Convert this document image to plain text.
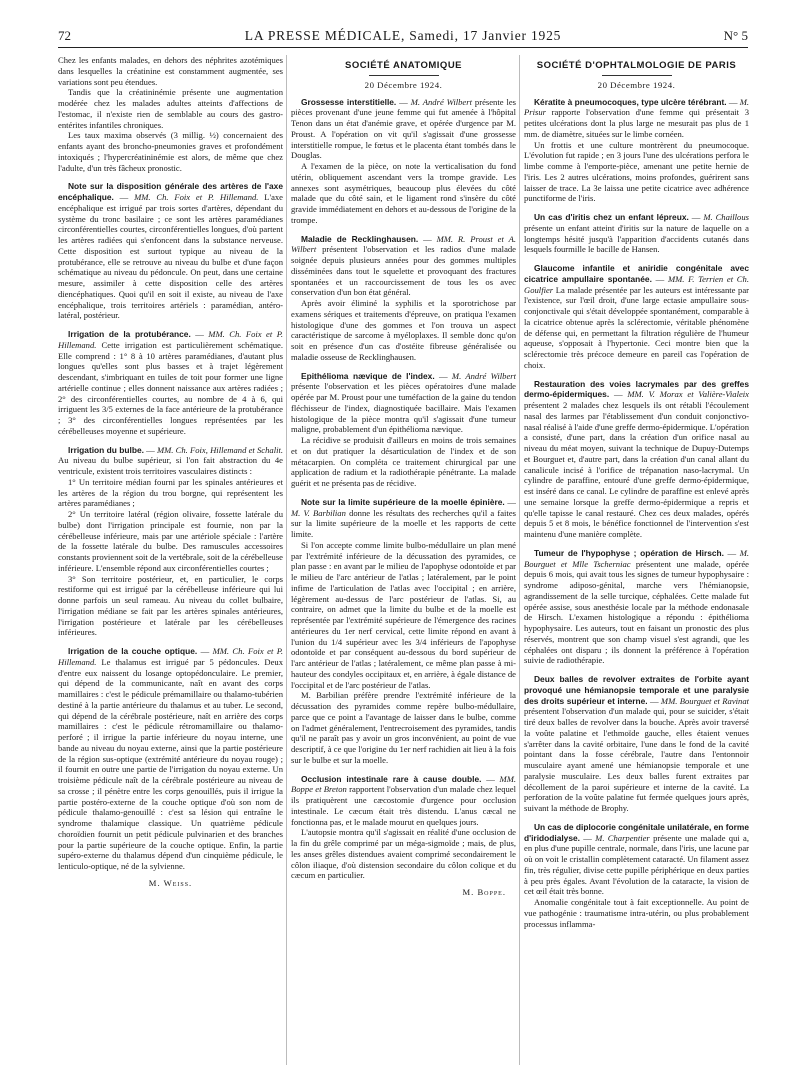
72	LA PRESSE MÉDICALE, Samedi, 17 Janvier 1925	N° 5

Chez les enfants malades, en dehors des néphrites azotémiques dans lesquelles la créatinine est constamment augmentée, ses variations sont peu étendues.

Tandis que la créatininémie présente une augmentation modérée chez les malades adultes atteints d'affections de l'estomac, il n'existe rien de semblable au cours des gastro-entérites infantiles chroniques.

Les taux maxima observés (3 millig. ½) concernaient des enfants ayant des broncho-pneumonies graves et profondément intoxiqués ; l'hypercréatininémie est alors, de même que chez l'adulte, d'un très fâcheux pronostic.

Note sur la disposition générale des artères de l'axe encéphalique. — MM. Ch. Foix et P. Hillemand. L'axe encéphalique est irrigué par trois sortes d'artères, dépendant du système du tronc basilaire ; ce sont les artères paramédianes circonférentielles courtes, circonférentielles longues, d'où partent les artères radiées qui s'enfoncent dans la substance nerveuse. Cette disposition est surtout typique au niveau de la protubérance, elle se retrouve au niveau du bulbe et d'une façon schématique au niveau du pédoncule. On peut, dans une certaine mesure, assimiler à cette disposition celle des artères diencéphatiques. Quoi qu'il en soit il existe, au niveau de l'axe encéphalique, trois territoires artériels : paramédian, antéro-latéral, postérieur.

Irrigation de la protubérance. — MM. Ch. Foix et P. Hillemand. Cette irrigation est particulièrement schématique. Elle comprend : 1° 8 à 10 artères paramédianes, d'autant plus longues qu'elles sont plus basses et à trajet légèrement descendant, s'imbriquant en tuiles de toit pour former une ligne artérielle continue ; elles donnent naissance aux artères radiées ; 2° des circonférentielles courtes, au nombre de 4 à 6, qui irriguent les 3/5 externes de la face antérieure de la protubérance ; 3° des circonférentielles longues représentées par les cérébelleuses moyenne et supérieure.

Irrigation du bulbe. — MM. Ch. Foix, Hillemand et Schalit. Au niveau du bulbe supérieur, si l'on fait abstraction du 4e ventricule, existent trois territoires vasculaires distincts :

1° Un territoire médian fourni par les spinales antérieures et les artères de la région du trou borgne, qui représentent les artères paramédianes ;

2° Un territoire latéral (région olivaire, fossette latérale du bulbe) dont l'irrigation principale est fournie, non par la cérébelleuse inférieure, mais par une artériole spéciale : l'artère de la fossette latérale du bulbe. Des ramuscules accessoires constants proviennent soit de la vertébrale, soit de la cérébelleuse inférieure. L'ensemble répond aux circonférentielles courtes ;

3° Son territoire postérieur, et, en particulier, le corps restiforme qui est irrigué par la cérébelleuse inférieure qui lui donne parfois un seul rameau. Au niveau du collet bulbaire, l'irrigation médiane se fait par les artères spinales antérieures, l'irrigation postérieure et latérale par les cérébelleuses inférieures.

Irrigation de la couche optique. — MM. Ch. Foix et P. Hillemand. Le thalamus est irrigué par 5 pédoncules. Deux d'entre eux naissent du losange optopédonculaire. Le premier, qui dépend de la communicante, naît en avant des corps mamillaires : c'est le pédicule prémamillaire ou thalamo-tubérien destiné à la partie antérieure du thalamus et au tuber. Le second, qui dépend de la cérébrale postérieure, naît en arrière des corps mamillaires : c'est le pédicule rétromamillaire ou thalamo-perforé ; il irrigue la partie inférieure du noyau interne, une bande au niveau du noyau externe, ainsi que la partie postérieure de la région sus-optique (extrémité antérieure du noyau rouge) ; il fournit en outre une partie de l'irrigation du noyau externe. Un troisième pédicule naît de la cérébrale postérieure au niveau de sa crosse ; il pénètre entre les corps genouillés, puis il irrigue la partie postéro-externe de la couche optique d'où son nom de pédicule thalamo-genouillé : c'est sa lésion qui entraîne le syndrome thalamique classique. Un quatrième pédicule choroïdien fournit un petit pédicule pulvinarien et des branches pour la partie supérieure de la couche optique. Enfin, la partie supéro-externe du thalamus dépend d'un cinquième pédicule, le lenticulo-optique, né de la sylvienne.

M. Weiss.
SOCIÉTÉ ANATOMIQUE
20 Décembre 1924.

Grossesse interstitielle. — M. André Wilbert présente les pièces provenant d'une jeune femme qui fut amenée à l'hôpital Tenon dans un état d'anémie grave, et opérée d'urgence par M. Proust. A l'opération on vit qu'il s'agissait d'une grossesse interstitielle rompue, le fœtus et le placenta étant tombés dans le Douglas.

A l'examen de la pièce, on note la verticalisation du fond utérin, obliquement ascendant vers la trompe gravide. Les annexes sont asymétriques, beaucoup plus élevées du côté malade que du côté sain, et le ligament rond s'insère du côté gravide immédiatement en dehors et au-dessous de l'origine de la trompe.

Maladie de Recklinghausen. — MM. R. Proust et A. Wilbert présentent l'observation et les radios d'une malade soignée depuis plusieurs années pour des gommes multiples disséminées dans tout le squelette et provoquant des fractures spontanées et un raccourcissement de tous les os avec conservation d'un bon état général.

Après avoir éliminé la syphilis et la sporotrichose par examens sériques et traitements d'épreuve, on pratiqua l'examen histologique d'une des gommes et l'on trouva un aspect caractéristique de sarcome à myéloplaxes. Il semble donc qu'on soit en présence d'un cas d'ostéite fibreuse généralisée ou maladie osseuse de Recklinghausen.

Epithélioma nævique de l'index. — M. André Wilbert présente l'observation et les pièces opératoires d'une malade opérée par M. Proust pour une tuméfaction de la gaine du tendon fléchisseur de l'index, diagnostiquée bacillaire. Mais l'examen histologique de la pièce montra qu'il s'agissait d'une tumeur maligne, probablement d'un épithélioma nævique.

La récidive se produisit d'ailleurs en moins de trois semaines et on dut pratiquer la désarticulation de l'index et de son métacarpien. On compléta ce traitement chirurgical par une application de radium et la radiothérapie pénétrante. La malade guérit et ne présenta pas de récidive.

Note sur la limite supérieure de la moelle épinière. — M. V. Barbilian donne les résultats des recherches qu'il a faites sur la limite supérieure de la moelle et les rapports de cette limite.

Si l'on accepte comme limite bulbo-médullaire un plan mené par l'extrémité inférieure de la décussation des pyramides, ce plan passe : en avant par le milieu de l'apophyse odontoïde et par le milieu de l'arc antérieur de l'atlas ; latéralement, par le point infime de l'articulation de l'atlas avec l'occipital ; en arrière, légèrement au-dessus de l'arc postérieur de l'atlas. Si, au contraire, on admet que la limite du bulbe et de la moelle est représentée par l'extrémité supérieure de l'émergence des racines antérieures du 1er nerf cervical, cette limite répond en avant à l'union du 1/4 supérieur avec les 3/4 inférieurs de l'apophyse odontoïde et par conséquent au-dessous du bord supérieur de l'arc antérieur de l'atlas ; latéralement, ce même plan passe à mi-hauteur des condyles occipitaux et, en arrière, à égale distance de l'occipital et de l'arc postérieur de l'atlas.

M. Barbilian préfère prendre l'extrémité inférieure de la décussation des pyramides comme repère bulbo-médullaire, parce que ce point a l'avantage de laisser dans le bulbe, comme on l'admet généralement, l'entrecroisement des pyramides, tandis qu'il ne paraît pas y avoir un gros inconvénient, au point de vue descriptif, à ce que l'origine du 1er nerf rachidien ait lieu à la fois sur le bulbe et sur la moelle.

Occlusion intestinale rare à cause double. — MM. Boppe et Breton rapportent l'observation d'un malade chez lequel ils pratiquèrent une cæcostomie d'urgence pour occlusion intestinale. Le cæcum était très distendu. L'anus cæcal ne fonctionna pas, et le malade mourut en quelques jours.

L'autopsie montra qu'il s'agissait en réalité d'une occlusion de la fin du grêle comprimé par un méga-sigmoïde ; mais, de plus, les anses grêles distendues avaient comprimé secondairement le côlon iliaque, d'où distension secondaire du côlon colique et du cæcum en particulier.

M. Boppe.
SOCIÉTÉ D'OPHTALMOLOGIE DE PARIS
20 Décembre 1924.

Kératite à pneumocoques, type ulcère térébrant. — M. Prisur rapporte l'observation d'une femme qui présentait 3 petites ulcérations dont la plus large ne mesurait pas plus de 1 mm. de diamètre, situées sur le limbe cornéen.

Un frottis et une culture montrèrent du pneumocoque. L'évolution fut rapide ; en 3 jours l'une des ulcérations perfora le limbe comme à l'emporte-pièce, amenant une petite hernie de l'iris. Les 2 autres ulcérations, moins profondes, guérirent sans laisser de trace. La 3e laissa une petite cicatrice avec adhérence punctiforme de l'iris.

Un cas d'iritis chez un enfant lépreux. — M. Chaillous présente un enfant atteint d'iritis sur la nature de laquelle on a longtemps hésité jusqu'à l'apparition d'accidents cutanés dans lesquels fourmille le bacille de Hansen.

Glaucome infantile et aniridie congénitale avec cicatrice ampullaire spontanée. — MM. F. Terrien et Ch. Goulfier La malade présentée par les auteurs est intéressante par l'existence, sur l'œil droit, d'une large ectasie ampullaire sous-conjonctivale qui s'était développée spontanément, comparable à la cicatrice obtenue après la sclérectomie, véritable phénomène de défense qui, en permettant la filtration régulière de l'humeur aqueuse, s'opposait à l'hypertonie. Ceci montre bien que la sclérectomie très précoce demeure en pareil cas l'opération de choix.

Restauration des voies lacrymales par des greffes dermo-épidermiques. — MM. V. Morax et Valière-Vialeix présentent 2 malades chez lesquels ils ont rétabli l'écoulement nasal des larmes par l'établissement d'un conduit conjonctivo-nasal réalisé à l'aide d'une greffe dermo-épidermique. L'opération a consisté, d'une part, dans la création d'un orifice nasal au niveau du méat moyen, suivant la technique de Dupuy-Dutemps et Bourguet et, d'autre part, dans la création d'un canal allant du canalicule incisé à l'orifice de trépanation naso-lacrymal. Un cylindre de paraffine, entouré d'une greffe dermo-épidermique, est inséré dans ce canal. Le cylindre de paraffine est enlevé après une semaine lorsque la greffe dermo-épidermique a repris et qu'elle tapisse le canal restauré. Chez ces deux malades, opérés depuis 5 et 8 mois, le bénéfice fonctionnel de l'intervention s'est maintenu d'une manière complète.

Tumeur de l'hypophyse ; opération de Hirsch. — M. Bourguet et Mlle Tscherniac présentent une malade, opérée depuis 6 mois, qui avait tous les signes de tumeur hypophysaire : syndrome adiposo-génital, marche vers l'hémianopsie, agrandissement de la selle turcique, céphalées. Cette malade fut opérée assise, sous anesthésie locale par la méthode endonasale de Hirsch. L'examen histologique a répondu : épithélioma hypophysaire. Les auteurs, tout en faisant un pronostic des plus réservés, montrent que son champ visuel s'est agrandi, que les céphalées ont disparu ; ils donnent la préférence à l'opération suivie de radiothérapie.

Deux balles de revolver extraites de l'orbite ayant provoqué une hémianopsie temporale et une paralysie des droits supérieur et interne. — MM. Bourguet et Ravinat présentent l'observation d'un malade qui, pour se suicider, s'était tiré deux balles de revolver dans la bouche. Après avoir traversé la voûte palatine et l'ethmoïde gauche, elles étaient venues s'arrêter dans la cavité orbitaire, l'une dans le fond de la cavité pointant dans la fosse cérébrale, l'autre dans l'entonnoir musculaire ayant amené une hémianopsie temporale et une paralysie musculaire. Les deux balles furent extraites par décollement de la paroi supérieure et interne de la cavité. La perforation de la voûte palatine fut fermée quelques jours après, suivant la méthode de Brophy.

Un cas de diplocorie congénitale unilatérale, en forme d'iridodialyse. — M. Charpentier présente une malade qui a, en plus d'une pupille centrale, normale, dans l'iris, une lacune par où on voit le cristallin complètement cataracté. Un filament assez fin, très régulier, divise cette pupille périphérique en deux parties à peu près égales. Avant l'évolution de la cataracte, la vision de cet œil était très bonne.

Anomalie congénitale tout à fait exceptionnelle. Au point de vue pathogénie : traumatisme intra-utérin, ou plus probablement processus inflamma-
